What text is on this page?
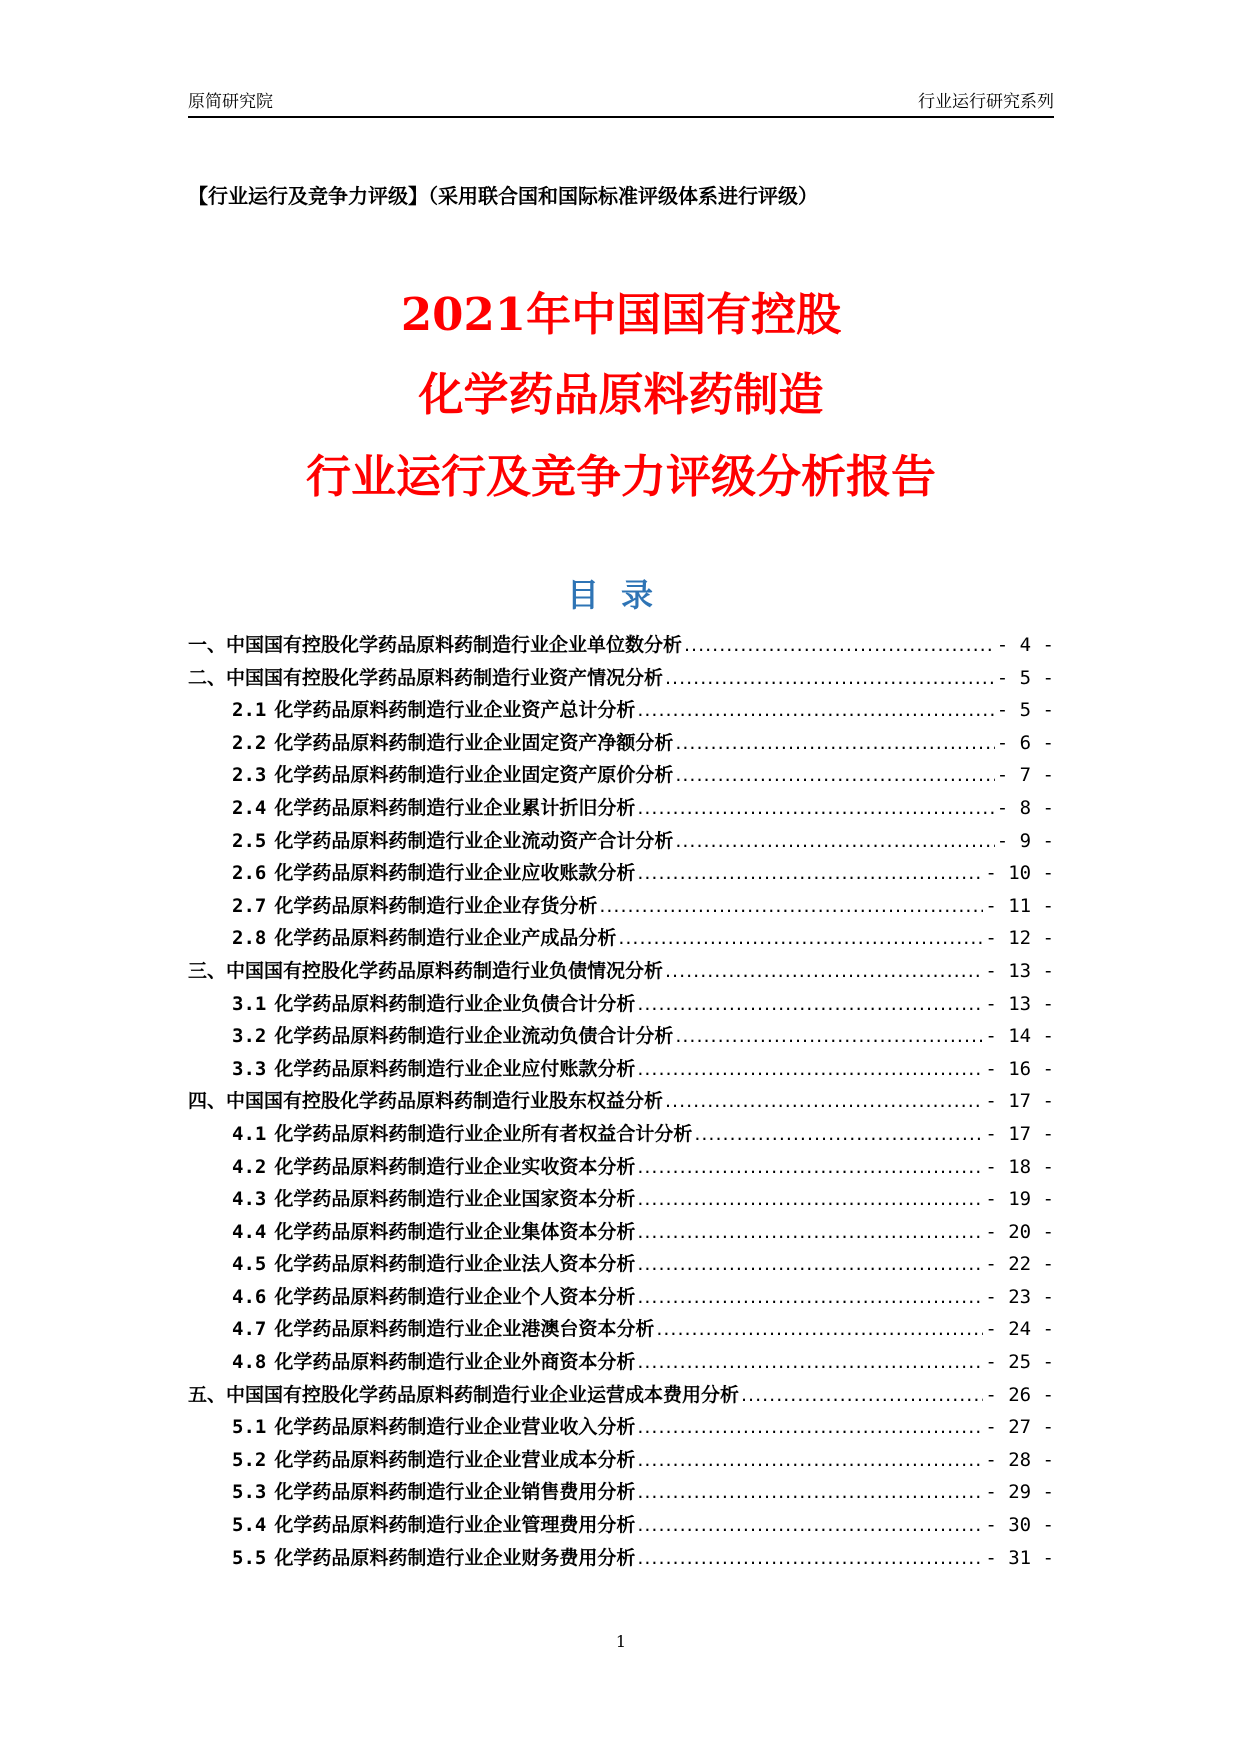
原简研究院	行业运行研究系列
【行业运行及竞争力评级】（采用联合国和国际标准评级体系进行评级）
2021年中国国有控股
化学药品原料药制造
行业运行及竞争力评级分析报告
目录
一、中国国有控股化学药品原料药制造行业企业单位数分析 .....	- 4 -
二、中国国有控股化学药品原料药制造行业资产情况分析 .....	- 5 -
2.1 化学药品原料药制造行业企业资产总计分析 .....	- 5 -
2.2 化学药品原料药制造行业企业固定资产净额分析 .....	- 6 -
2.3 化学药品原料药制造行业企业固定资产原价分析 .....	- 7 -
2.4 化学药品原料药制造行业企业累计折旧分析 .....	- 8 -
2.5 化学药品原料药制造行业企业流动资产合计分析 .....	- 9 -
2.6 化学药品原料药制造行业企业应收账款分析 .....	- 10 -
2.7 化学药品原料药制造行业企业存货分析 .....	- 11 -
2.8 化学药品原料药制造行业企业产成品分析 .....	- 12 -
三、中国国有控股化学药品原料药制造行业负债情况分析 .....	- 13 -
3.1 化学药品原料药制造行业企业负债合计分析 .....	- 13 -
3.2 化学药品原料药制造行业企业流动负债合计分析 .....	- 14 -
3.3 化学药品原料药制造行业企业应付账款分析 .....	- 16 -
四、中国国有控股化学药品原料药制造行业股东权益分析 .....	- 17 -
4.1 化学药品原料药制造行业企业所有者权益合计分析 .....	- 17 -
4.2 化学药品原料药制造行业企业实收资本分析 .....	- 18 -
4.3 化学药品原料药制造行业企业国家资本分析 .....	- 19 -
4.4 化学药品原料药制造行业企业集体资本分析 .....	- 20 -
4.5 化学药品原料药制造行业企业法人资本分析 .....	- 22 -
4.6 化学药品原料药制造行业企业个人资本分析 .....	- 23 -
4.7 化学药品原料药制造行业企业港澳台资本分析 .....	- 24 -
4.8 化学药品原料药制造行业企业外商资本分析 .....	- 25 -
五、中国国有控股化学药品原料药制造行业企业运营成本费用分析 .....	- 26 -
5.1 化学药品原料药制造行业企业营业收入分析 .....	- 27 -
5.2 化学药品原料药制造行业企业营业成本分析 .....	- 28 -
5.3 化学药品原料药制造行业企业销售费用分析 .....	- 29 -
5.4 化学药品原料药制造行业企业管理费用分析 .....	- 30 -
5.5 化学药品原料药制造行业企业财务费用分析 .....	- 31 -
1
